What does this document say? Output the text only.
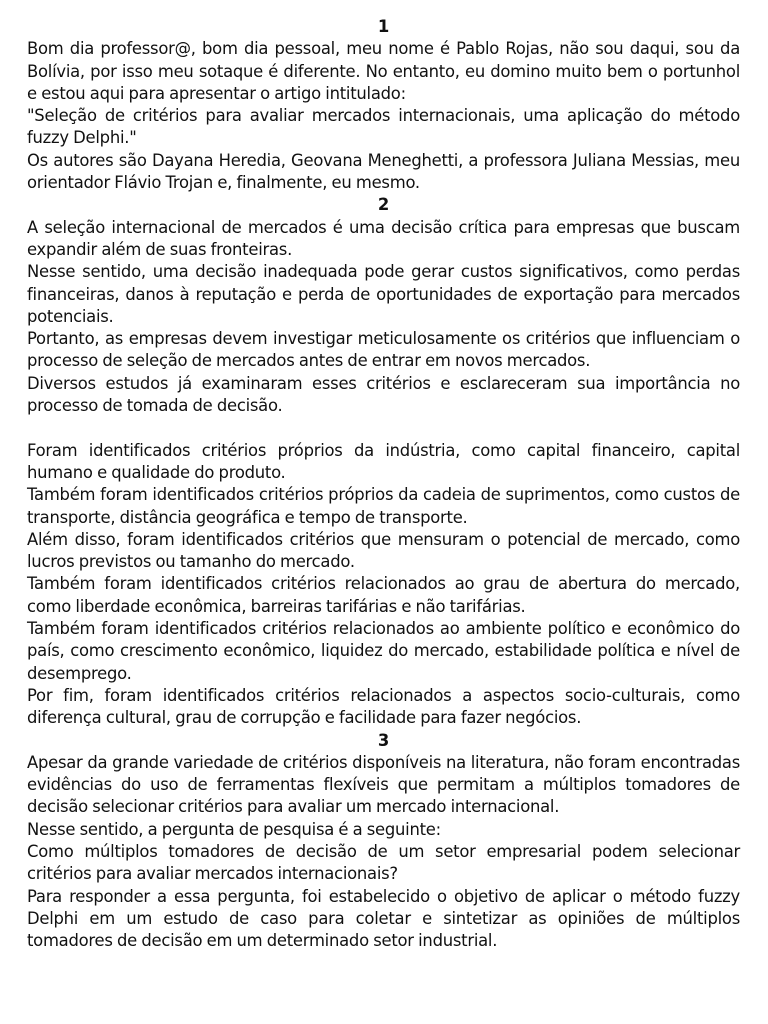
1

Bom dia professor@, bom dia pessoal, meu nome é Pablo Rojas, não sou daqui, sou da Bolívia, por isso meu sotaque é diferente. No entanto, eu domino muito bem o portunhol e estou aqui para apresentar o artigo intitulado:

"Seleção de critérios para avaliar mercados internacionais, uma aplicação do método fuzzy Delphi."

Os autores são Dayana Heredia, Geovana Meneghetti, a professora Juliana Messias, meu orientador Flávio Trojan e, finalmente, eu mesmo.

2

A seleção internacional de mercados é uma decisão crítica para empresas que buscam expandir além de suas fronteiras.

Nesse sentido, uma decisão inadequada pode gerar custos significativos, como perdas financeiras, danos à reputação e perda de oportunidades de exportação para mercados potenciais.

Portanto, as empresas devem investigar meticulosamente os critérios que influenciam o processo de seleção de mercados antes de entrar em novos mercados.

Diversos estudos já examinaram esses critérios e esclareceram sua importância no processo de tomada de decisão.

Foram identificados critérios próprios da indústria, como capital financeiro, capital humano e qualidade do produto.

Também foram identificados critérios próprios da cadeia de suprimentos, como custos de transporte, distância geográfica e tempo de transporte.

Além disso, foram identificados critérios que mensuram o potencial de mercado, como lucros previstos ou tamanho do mercado.

Também foram identificados critérios relacionados ao grau de abertura do mercado, como liberdade econômica, barreiras tarifárias e não tarifárias.

Também foram identificados critérios relacionados ao ambiente político e econômico do país, como crescimento econômico, liquidez do mercado, estabilidade política e nível de desemprego.

Por fim, foram identificados critérios relacionados a aspectos socio-culturais, como diferença cultural, grau de corrupção e facilidade para fazer negócios.

3

Apesar da grande variedade de critérios disponíveis na literatura, não foram encontradas evidências do uso de ferramentas flexíveis que permitam a múltiplos tomadores de decisão selecionar critérios para avaliar um mercado internacional.

Nesse sentido, a pergunta de pesquisa é a seguinte:

Como múltiplos tomadores de decisão de um setor empresarial podem selecionar critérios para avaliar mercados internacionais?

Para responder a essa pergunta, foi estabelecido o objetivo de aplicar o método fuzzy Delphi em um estudo de caso para coletar e sintetizar as opiniões de múltiplos tomadores de decisão em um determinado setor industrial.
